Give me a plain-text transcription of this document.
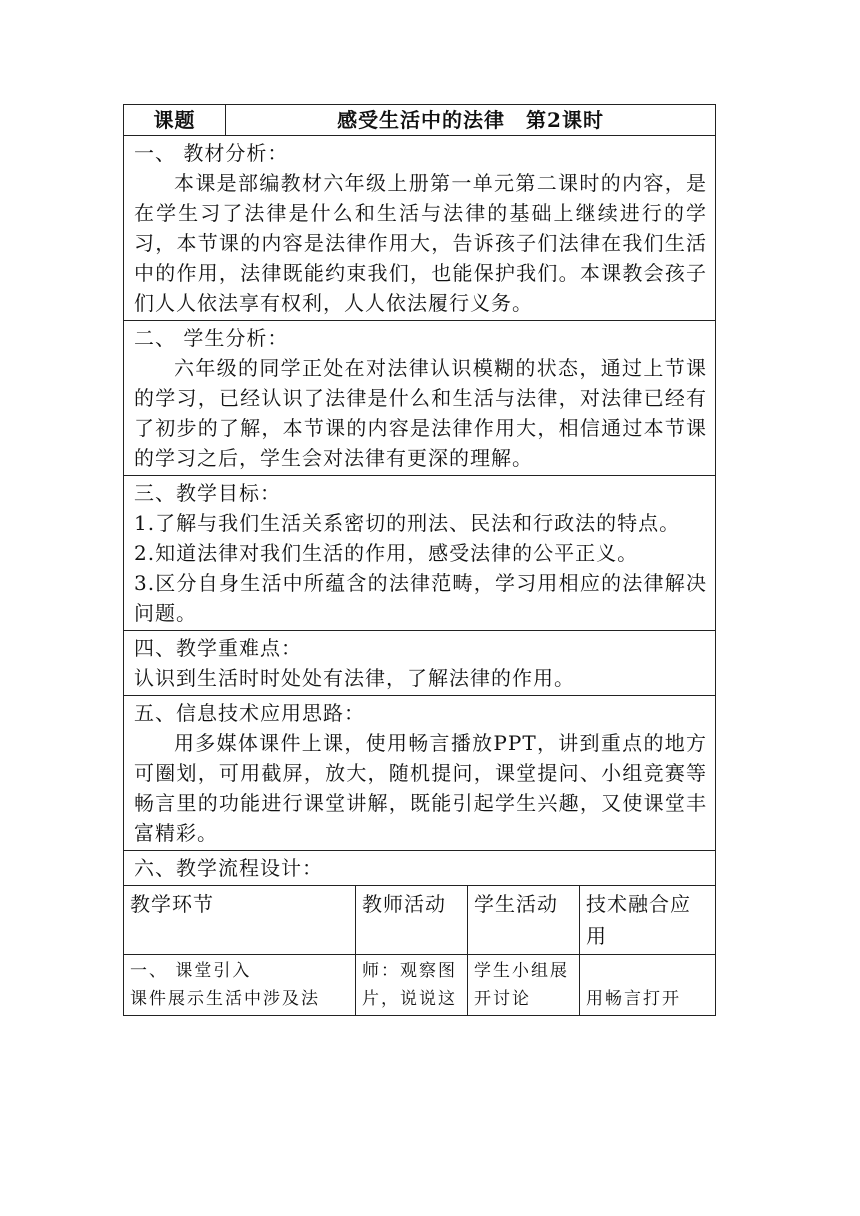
课题	感受生活中的法律　第2课时			

一、 教材分析：

本课是部编教材六年级上册第一单元第二课时的内容，是在学生习了法律是什么和生活与法律的基础上继续进行的学习，本节课的内容是法律作用大，告诉孩子们法律在我们生活中的作用，法律既能约束我们，也能保护我们。本课教会孩子们人人依法享有权利，人人依法履行义务。				

二、 学生分析：

六年级的同学正处在对法律认识模糊的状态，通过上节课的学习，已经认识了法律是什么和生活与法律，对法律已经有了初步的了解，本节课的内容是法律作用大，相信通过本节课的学习之后，学生会对法律有更深的理解。				

三、教学目标：
1.了解与我们生活关系密切的刑法、民法和行政法的特点。
2.知道法律对我们生活的作用，感受法律的公平正义。
3.区分自身生活中所蕴含的法律范畴，学习用相应的法律解决问题。				

四、教学重难点：
认识到生活时时处处有法律，了解法律的作用。				

五、信息技术应用思路：

用多媒体课件上课，使用畅言播放PPT，讲到重点的地方可圈划，可用截屏，放大，随机提问，课堂提问、小组竞赛等畅言里的功能进行课堂讲解，既能引起学生兴趣，又使课堂丰富精彩。				

六、教学流程设计：				

教学环节		教师活动	学生活动	技术融合应用

一、 课堂引入
课件展示生活中涉及法		师：观察图片，说说这	学生小组展开讨论	用畅言打开
